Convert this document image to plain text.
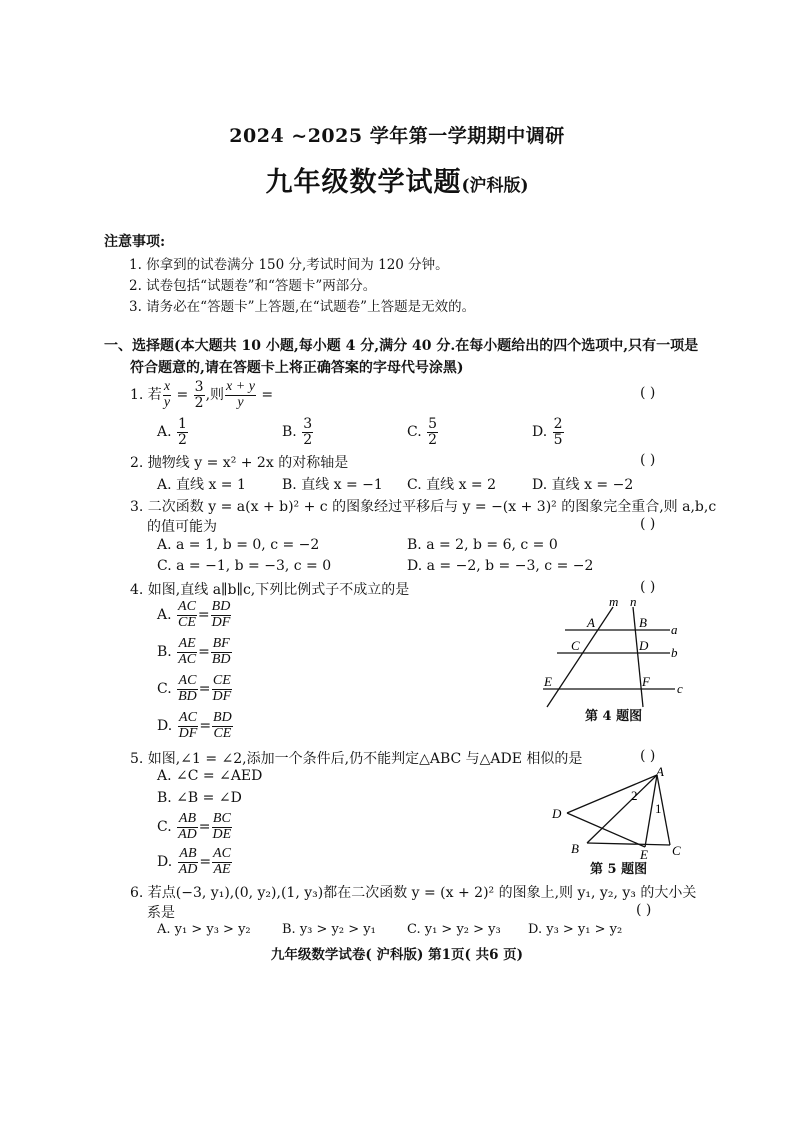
2024 ~2025 学年第一学期期中调研
九年级数学试题(沪科版)
注意事项:
1. 你拿到的试卷满分 150 分,考试时间为 120 分钟。
2. 试卷包括“试题卷”和“答题卡”两部分。
3. 请务必在“答题卡”上答题,在“试题卷”上答题是无效的。
一、选择题(本大题共 10 小题,每小题 4 分,满分 40 分.在每小题给出的四个选项中,只有一项是
符合题意的,请在答题卡上将正确答案的字母代号涂黑)
1. 若 $\frac{x}{y} = \frac{3}{2}$ ,则 $\frac{x + y}{y}$ =	( )
A. $\frac{1}{2}$	B. $\frac{3}{2}$	C. $\frac{5}{2}$	D. $\frac{2}{5}$
2. 抛物线 y = x² + 2x 的对称轴是	( )
A. 直线 x = 1	B. 直线 x = −1 C. 直线 x = 2	D. 直线 x = −2
3. 二次函数 y = a(x + b)² + c 的图象经过平移后与 y = −(x + 3)² 的图象完全重合,则 a,b,c
的值可能为	( )
A. a = 1, b = 0, c = −2	B. a = 2, b = 6, c = 0
C. a = −1, b = −3, c = 0	D. a = −2, b = −3, c = −2
4. 如图,直线 a∥b∥c,下列比例式子不成立的是	( )
A. $\frac{AC}{CE} = \frac{BD}{DF}$
B. $\frac{AE}{AC} = \frac{BF}{BD}$
C. $\frac{AC}{BD} = \frac{CE}{DF}$
D. $\frac{AC}{DF} = \frac{BD}{CE}$
m n
A	B a
C	D b
E	F c
第 4 题图
5. 如图,∠1 = ∠2,添加一个条件后,仍不能判定△ABC 与△ADE 相似的是	( )
A. ∠C = ∠AED
B. ∠B = ∠D
C. $\frac{AB}{AD} = \frac{BC}{DE}$
D. $\frac{AB}{AD} = \frac{AC}{AE}$
A
D
B	E C
2
1
第 5 题图
6. 若点(−3, y₁),(0, y₂),(1, y₃)都在二次函数 y = (x + 2)² 的图象上,则 y₁, y₂, y₃ 的大小关
系是	( )
A. y₁ > y₃ > y₂ B. y₃ > y₂ > y₁ C. y₁ > y₂ > y₃ D. y₃ > y₁ > y₂
九年级数学试卷( 沪科版) 第1页( 共6 页)
